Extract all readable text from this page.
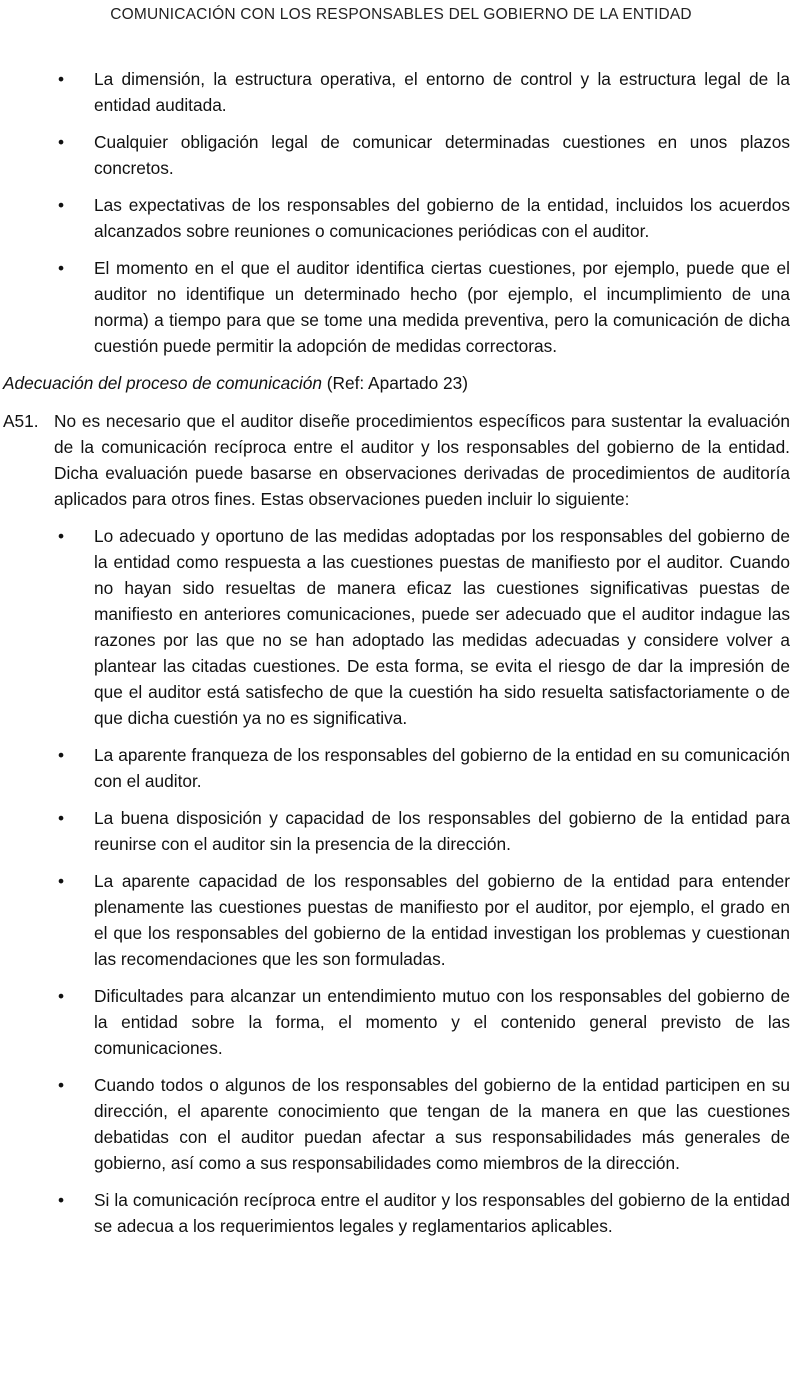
COMUNICACIÓN CON LOS RESPONSABLES DEL GOBIERNO DE LA ENTIDAD
•	La dimensión, la estructura operativa, el entorno de control y la estructura legal de la entidad auditada.
•	Cualquier obligación legal de comunicar determinadas cuestiones en unos plazos concretos.
•	Las expectativas de los responsables del gobierno de la entidad, incluidos los acuerdos alcanzados sobre reuniones o comunicaciones periódicas con el auditor.
•	El momento en el que el auditor identifica ciertas cuestiones, por ejemplo, puede que el auditor no identifique un determinado hecho (por ejemplo, el incumplimiento de una norma) a tiempo para que se tome una medida preventiva, pero la comunicación de dicha cuestión puede permitir la adopción de medidas correctoras.
Adecuación del proceso de comunicación (Ref: Apartado 23)
A51. No es necesario que el auditor diseñe procedimientos específicos para sustentar la evaluación de la comunicación recíproca entre el auditor y los responsables del gobierno de la entidad. Dicha evaluación puede basarse en observaciones derivadas de procedimientos de auditoría aplicados para otros fines. Estas observaciones pueden incluir lo siguiente:
•	Lo adecuado y oportuno de las medidas adoptadas por los responsables del gobierno de la entidad como respuesta a las cuestiones puestas de manifiesto por el auditor. Cuando no hayan sido resueltas de manera eficaz las cuestiones significativas puestas de manifiesto en anteriores comunicaciones, puede ser adecuado que el auditor indague las razones por las que no se han adoptado las medidas adecuadas y considere volver a plantear las citadas cuestiones. De esta forma, se evita el riesgo de dar la impresión de que el auditor está satisfecho de que la cuestión ha sido resuelta satisfactoriamente o de que dicha cuestión ya no es significativa.
•	La aparente franqueza de los responsables del gobierno de la entidad en su comunicación con el auditor.
•	La buena disposición y capacidad de los responsables del gobierno de la entidad para reunirse con el auditor sin la presencia de la dirección.
•	La aparente capacidad de los responsables del gobierno de la entidad para entender plenamente las cuestiones puestas de manifiesto por el auditor, por ejemplo, el grado en el que los responsables del gobierno de la entidad investigan los problemas y cuestionan las recomendaciones que les son formuladas.
•	Dificultades para alcanzar un entendimiento mutuo con los responsables del gobierno de la entidad sobre la forma, el momento y el contenido general previsto de las comunicaciones.
•	Cuando todos o algunos de los responsables del gobierno de la entidad participen en su dirección, el aparente conocimiento que tengan de la manera en que las cuestiones debatidas con el auditor puedan afectar a sus responsabilidades más generales de gobierno, así como a sus responsabilidades como miembros de la dirección.
•	Si la comunicación recíproca entre el auditor y los responsables del gobierno de la entidad se adecua a los requerimientos legales y reglamentarios aplicables.
